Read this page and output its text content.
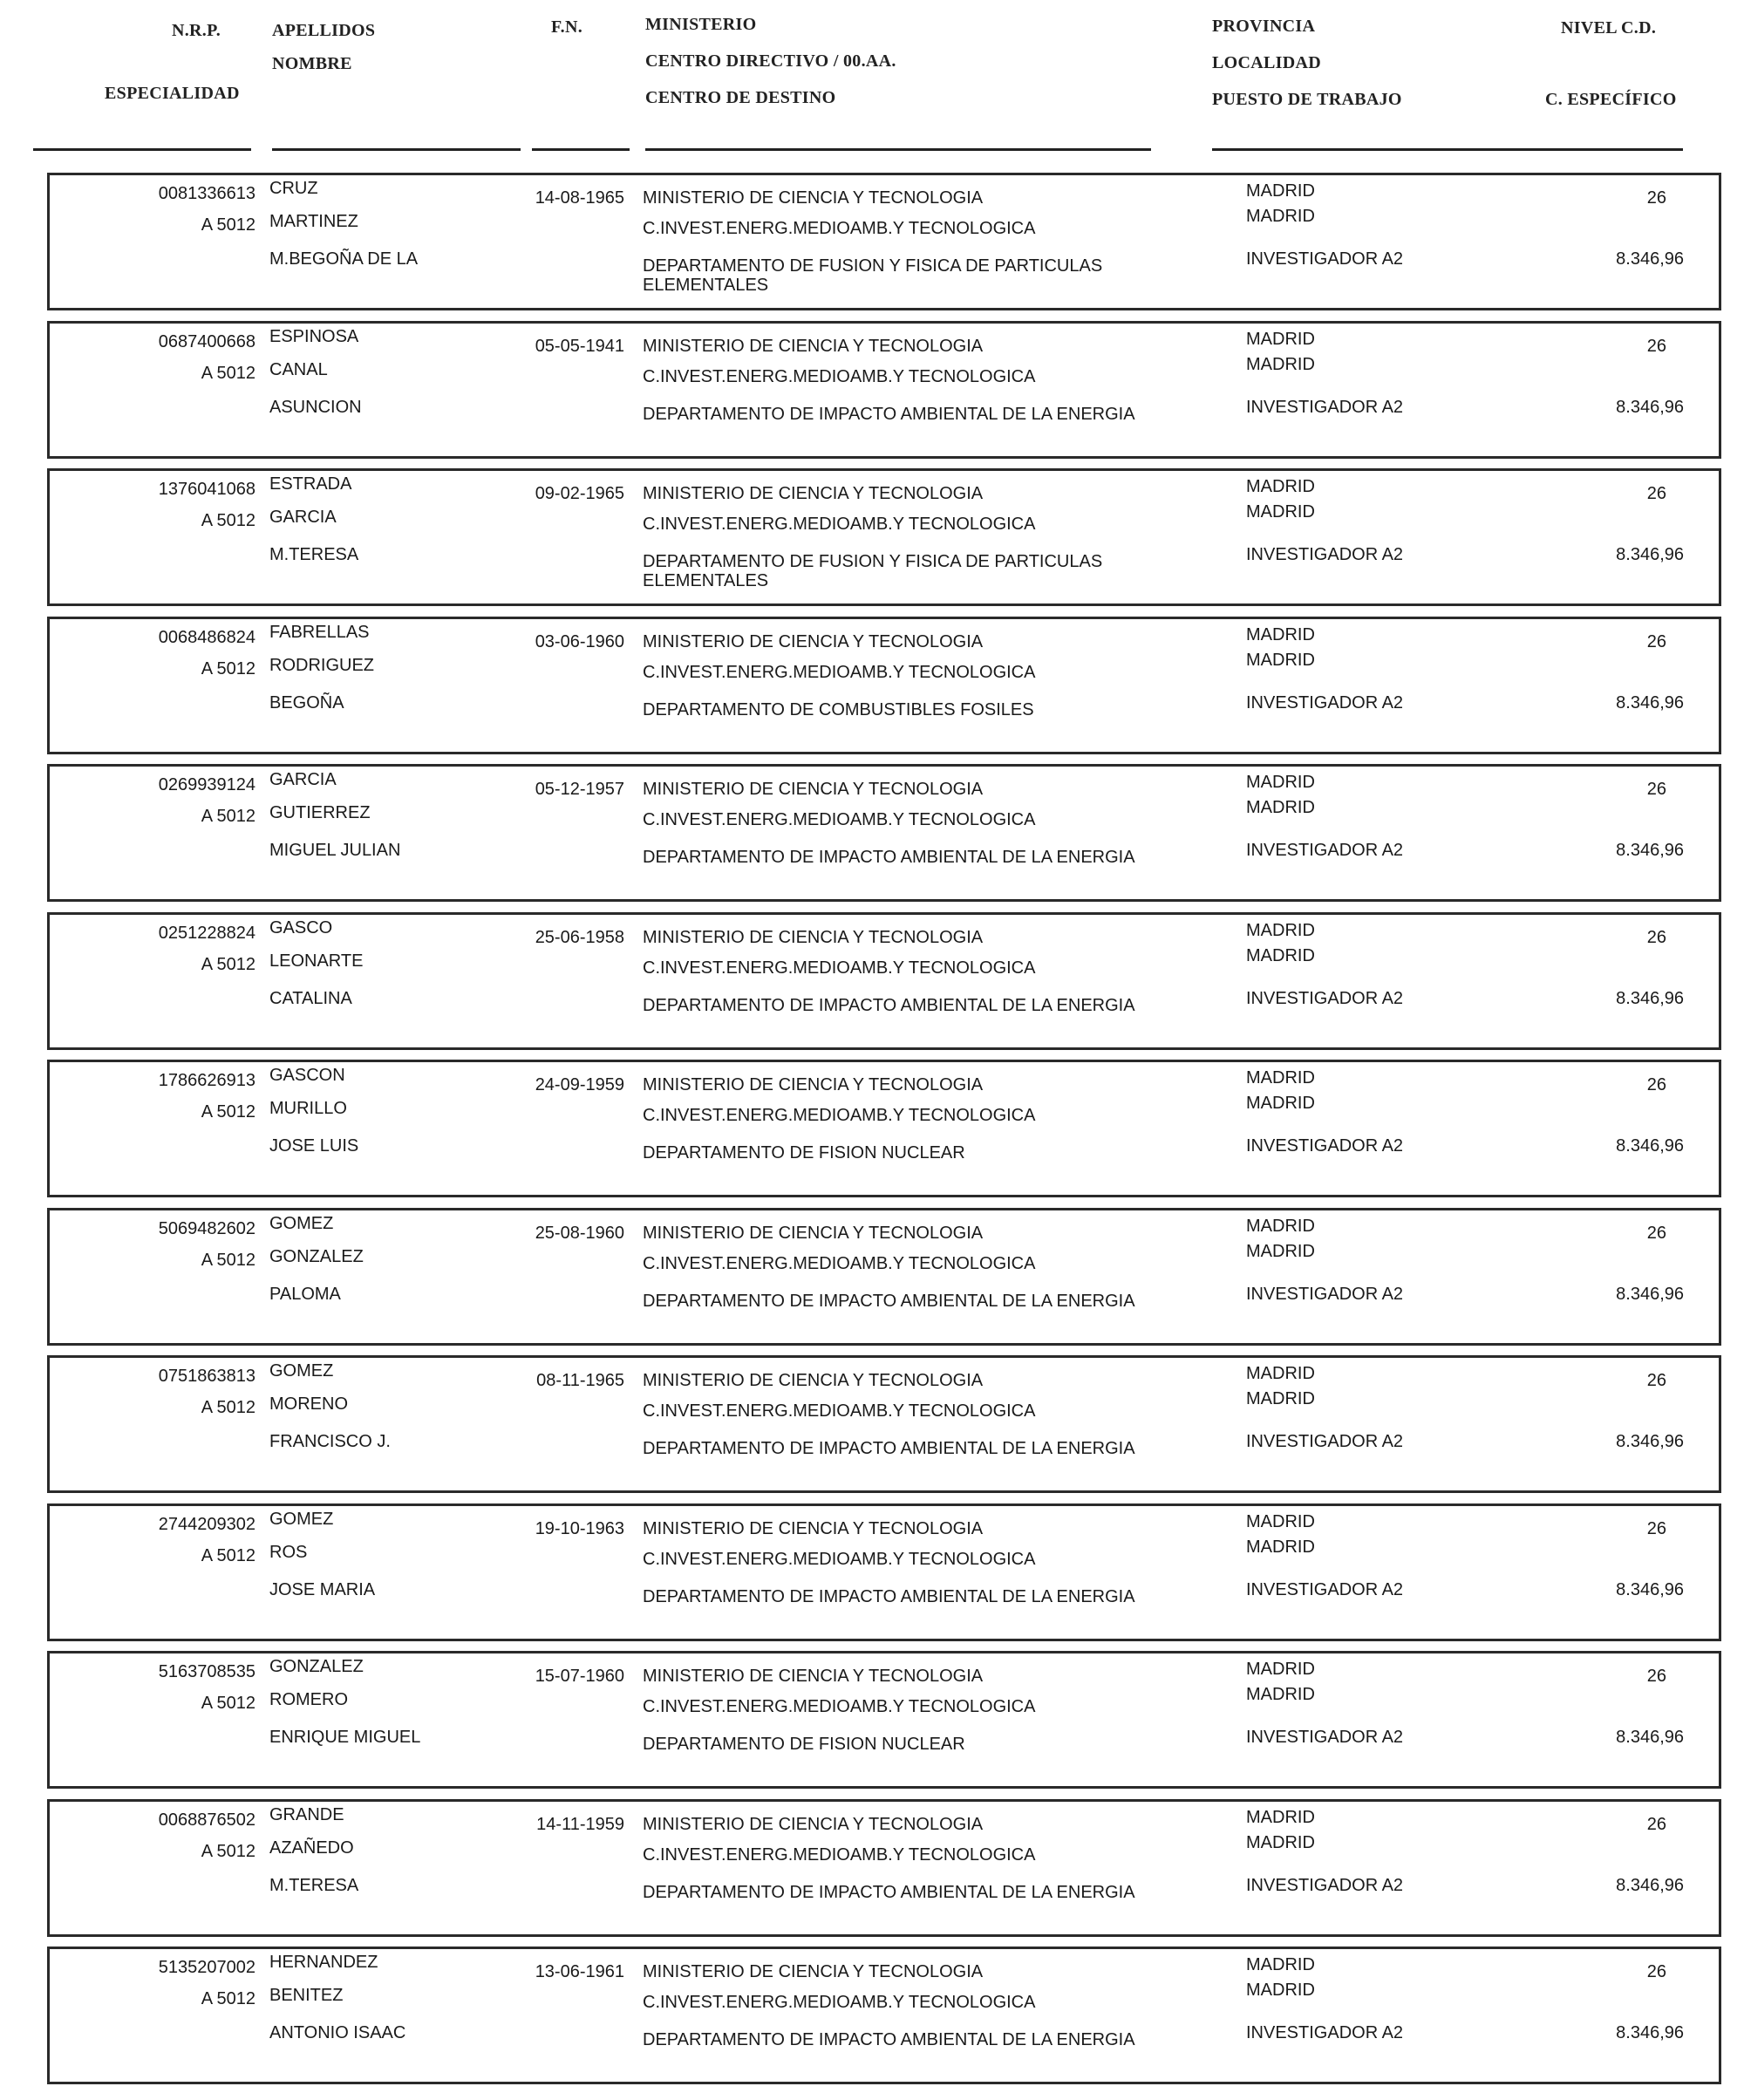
N.R.P.	APELLIDOS
NOMBRE
ESPECIALIDAD
F.N.	MINISTERIO
CENTRO DIRECTIVO / 00.AA.
CENTRO DE DESTINO
PROVINCIA
LOCALIDAD
PUESTO DE TRABAJO
NIVEL C.D.
C. ESPECÍFICO
0081336613
A 5012
CRUZ
MARTINEZ
M.BEGOÑA DE LA
14-08-1965 MINISTERIO DE CIENCIA Y TECNOLOGIA
C.INVEST.ENERG.MEDIOAMB.Y TECNOLOGICA
DEPARTAMENTO DE FUSION Y FISICA DE PARTICULAS ELEMENTALES
MADRID
MADRID
INVESTIGADOR A2
26
8.346,96
0687400668
A 5012
ESPINOSA
CANAL
ASUNCION
05-05-1941 MINISTERIO DE CIENCIA Y TECNOLOGIA
C.INVEST.ENERG.MEDIOAMB.Y TECNOLOGICA
DEPARTAMENTO DE IMPACTO AMBIENTAL DE LA ENERGIA
MADRID
MADRID
INVESTIGADOR A2
26
8.346,96
1376041068
A 5012
ESTRADA
GARCIA
M.TERESA
09-02-1965 MINISTERIO DE CIENCIA Y TECNOLOGIA
C.INVEST.ENERG.MEDIOAMB.Y TECNOLOGICA
DEPARTAMENTO DE FUSION Y FISICA DE PARTICULAS ELEMENTALES
MADRID
MADRID
INVESTIGADOR A2
26
8.346,96
0068486824
A 5012
FABRELLAS
RODRIGUEZ
BEGOÑA
03-06-1960 MINISTERIO DE CIENCIA Y TECNOLOGIA
C.INVEST.ENERG.MEDIOAMB.Y TECNOLOGICA
DEPARTAMENTO DE COMBUSTIBLES FOSILES
MADRID
MADRID
INVESTIGADOR A2
26
8.346,96
0269939124
A 5012
GARCIA
GUTIERREZ
MIGUEL JULIAN
05-12-1957 MINISTERIO DE CIENCIA Y TECNOLOGIA
C.INVEST.ENERG.MEDIOAMB.Y TECNOLOGICA
DEPARTAMENTO DE IMPACTO AMBIENTAL DE LA ENERGIA
MADRID
MADRID
INVESTIGADOR A2
26
8.346,96
0251228824
A 5012
GASCO
LEONARTE
CATALINA
25-06-1958 MINISTERIO DE CIENCIA Y TECNOLOGIA
C.INVEST.ENERG.MEDIOAMB.Y TECNOLOGICA
DEPARTAMENTO DE IMPACTO AMBIENTAL DE LA ENERGIA
MADRID
MADRID
INVESTIGADOR A2
26
8.346,96
1786626913
A 5012
GASCON
MURILLO
JOSE LUIS
24-09-1959 MINISTERIO DE CIENCIA Y TECNOLOGIA
C.INVEST.ENERG.MEDIOAMB.Y TECNOLOGICA
DEPARTAMENTO DE FISION NUCLEAR
MADRID
MADRID
INVESTIGADOR A2
26
8.346,96
5069482602
A 5012
GOMEZ
GONZALEZ
PALOMA
25-08-1960 MINISTERIO DE CIENCIA Y TECNOLOGIA
C.INVEST.ENERG.MEDIOAMB.Y TECNOLOGICA
DEPARTAMENTO DE IMPACTO AMBIENTAL DE LA ENERGIA
MADRID
MADRID
INVESTIGADOR A2
26
8.346,96
0751863813
A 5012
GOMEZ
MORENO
FRANCISCO J.
08-11-1965 MINISTERIO DE CIENCIA Y TECNOLOGIA
C.INVEST.ENERG.MEDIOAMB.Y TECNOLOGICA
DEPARTAMENTO DE IMPACTO AMBIENTAL DE LA ENERGIA
MADRID
MADRID
INVESTIGADOR A2
26
8.346,96
2744209302
A 5012
GOMEZ
ROS
JOSE MARIA
19-10-1963 MINISTERIO DE CIENCIA Y TECNOLOGIA
C.INVEST.ENERG.MEDIOAMB.Y TECNOLOGICA
DEPARTAMENTO DE IMPACTO AMBIENTAL DE LA ENERGIA
MADRID
MADRID
INVESTIGADOR A2
26
8.346,96
5163708535
A 5012
GONZALEZ
ROMERO
ENRIQUE MIGUEL
15-07-1960 MINISTERIO DE CIENCIA Y TECNOLOGIA
C.INVEST.ENERG.MEDIOAMB.Y TECNOLOGICA
DEPARTAMENTO DE FISION NUCLEAR
MADRID
MADRID
INVESTIGADOR A2
26
8.346,96
0068876502
A 5012
GRANDE
AZAÑEDO
M.TERESA
14-11-1959 MINISTERIO DE CIENCIA Y TECNOLOGIA
C.INVEST.ENERG.MEDIOAMB.Y TECNOLOGICA
DEPARTAMENTO DE IMPACTO AMBIENTAL DE LA ENERGIA
MADRID
MADRID
INVESTIGADOR A2
26
8.346,96
5135207002
A 5012
HERNANDEZ
BENITEZ
ANTONIO ISAAC
13-06-1961 MINISTERIO DE CIENCIA Y TECNOLOGIA
C.INVEST.ENERG.MEDIOAMB.Y TECNOLOGICA
DEPARTAMENTO DE IMPACTO AMBIENTAL DE LA ENERGIA
MADRID
MADRID
INVESTIGADOR A2
26
8.346,96
